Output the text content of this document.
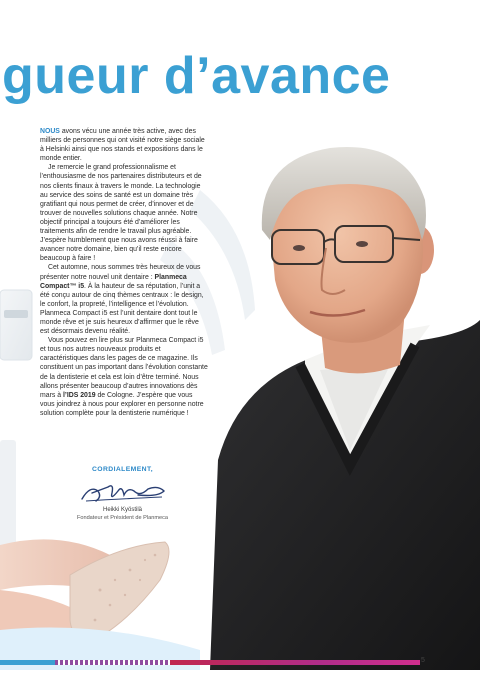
gueur d’avance

NOUS avons vécu une année très active, avec des milliers de personnes qui ont visité notre siège sociale à Helsinki ainsi que nos stands et expositions dans le monde entier.

Je remercie le grand professionnalisme et l’enthousiasme de nos partenaires distributeurs et de nos clients finaux à travers le monde. La technologie au service des soins de santé est un domaine très gratifiant qui nous permet de créer, d’innover et de trouver de nouvelles solutions chaque année. Notre objectif principal a toujours été d’améliorer les traitements afin de rendre le travail plus agréable. J’espère humblement que nous avons réussi à faire avancer notre domaine, bien qu’il reste encore beaucoup à faire !

Cet automne, nous sommes très heureux de vous présenter notre nouvel unit dentaire : Planmeca Compact™ i5. À la hauteur de sa réputation, l’unit a été conçu autour de cinq thèmes centraux : le design, le confort, la propreté, l’intelligence et l’évolution. Planmeca Compact i5 est l’unit dentaire dont tout le monde rêve et je suis heureux d’affirmer que le rêve est désormais devenu réalité.

Vous pouvez en lire plus sur Planmeca Compact i5 et tous nos autres nouveaux produits et caractéristiques dans les pages de ce magazine. Ils constituent un pas important dans l’évolution constante de la dentisterie et cela est loin d’être terminé. Nous allons présenter beaucoup d’autres innovations dès mars à l’IDS 2019 de Cologne. J’espère que vous vous joindrez à nous pour explorer en personne notre solution complète pour la dentisterie numérique !

CORDIALEMENT,
Heikki Kyöstilä
Fondateur et Président de Planmeca
5
